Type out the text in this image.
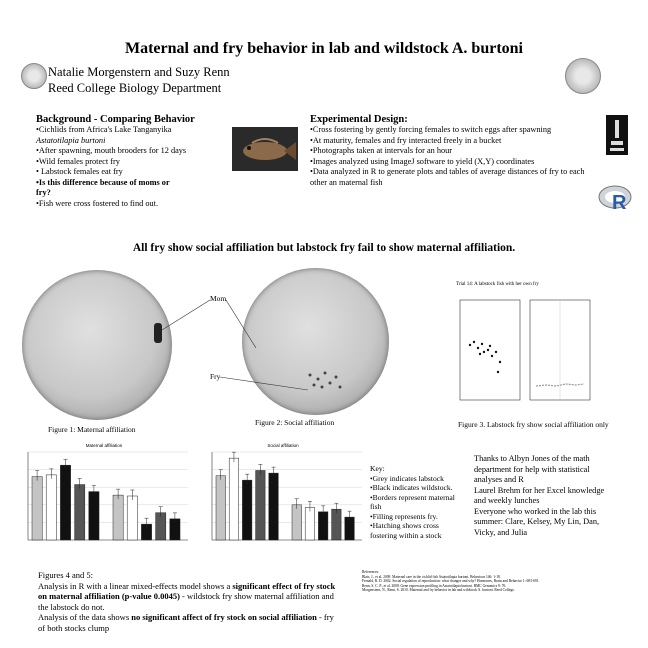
Maternal and fry behavior in lab and wildstock A. burtoni
Natalie Morgenstern and Suzy Renn
Reed College Biology Department
Background - Comparing Behavior

•Cichlids from Africa's Lake Tanganyika

Astatotilapia burtoni

•After spawning, mouth brooders for 12 days

•Wild females protect fry

• Labstock females eat fry

•Is this difference because of moms or fry?

•Fish were cross fostered to find out.

Experimental Design:

•Cross fostering by gently forcing females to switch eggs after spawning

•At maturity, females and fry interacted freely in a bucket

•Photographs taken at intervals for an hour

•Images analyzed using ImageJ software to yield (X,Y) coordinates

•Data analyzed in R to generate plots and tables of average distances of fry to each other an maternal fish

R
All fry show social affiliation but labstock fry fail to show maternal affiliation.
Mom
Fry
Figure 1: Maternal affiliation
Figure 2: Social affiliation
Trial 14: A labstock fish with her own fry
Figure 3. Labstock fry show social affiliation only
Maternal affiliation	Social affiliation

Key:

•Grey indicates labstock

•Black indicates wildstock.

•Borders represent maternal fish

•Filling represents fry.

•Hatching shows cross fostering within a stock

Thanks to Albyn Jones of the math department for help with statistical analyses and R

Laurel Brehm for her Excel knowledge and weekly lunches

Everyone who worked in the lab this summer: Clare, Kelsey, My Lin, Dan, Vicky, and Julia

Figures 4 and 5:

Analysis in R with a linear mixed-effects model shows a significant effect of fry stock on maternal affiliation (p-value 0.0045) - wildstock fry show maternal affiliation and the labstock do not.

Analysis of the data shows no significant affect of fry stock on social affiliation - fry of both stocks clump

References:

Blais, J., et al. 2009. Maternal care in the cichlid fish Astatotilapia burtoni. Behaviour 146: 1-18.

Fernald, R. D. 2002. Social regulation of reproduction: what changes and why? Hormones, Brain and Behavior 1: 683-691.

Renn, S. C. P., et al. 2008. Gene expression profiling in Astatotilapia burtoni. BMC Genomics 9: 76.

Morgenstern, N., Renn, S. 2010. Maternal and fry behavior in lab and wildstock A. burtoni. Reed College.
